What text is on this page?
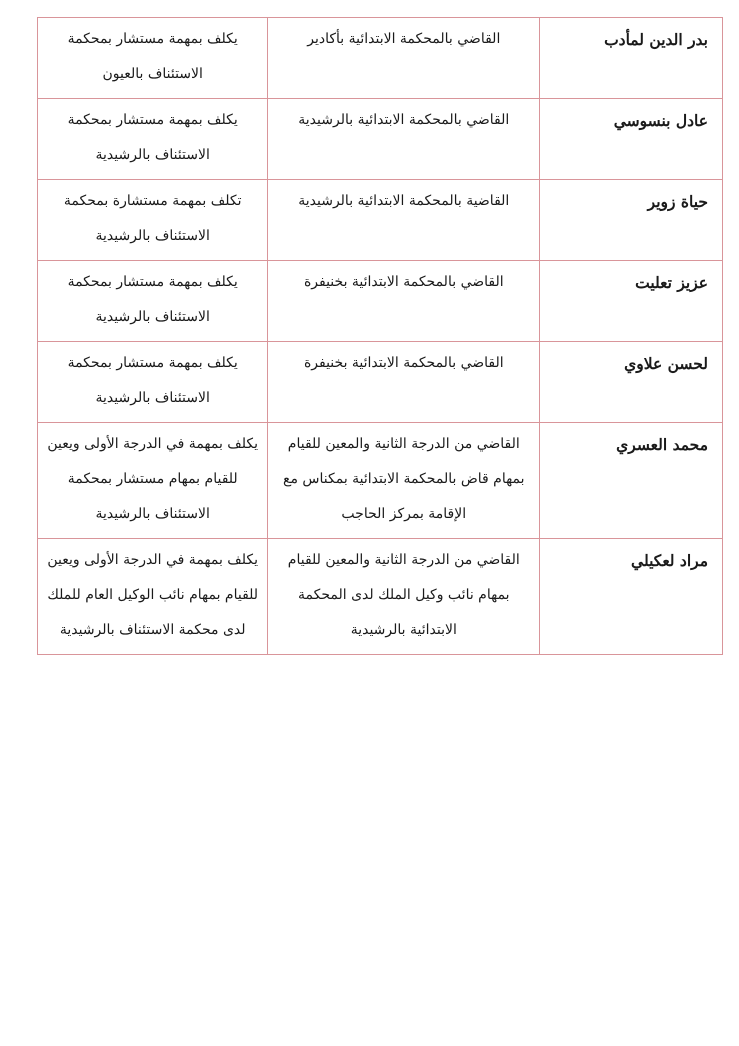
بدر الدين لمأدب	القاضي بالمحكمة الابتدائية بأكادير	يكلف بمهمة مستشار بمحكمة الاستئناف بالعيون
عادل بنسوسي	القاضي بالمحكمة الابتدائية بالرشيدية	يكلف بمهمة مستشار بمحكمة الاستئناف بالرشيدية
حياة زوير	القاضية بالمحكمة الابتدائية بالرشيدية	تكلف بمهمة مستشارة بمحكمة الاستئناف بالرشيدية
عزيز تعليت	القاضي بالمحكمة الابتدائية بخنيفرة	يكلف بمهمة مستشار بمحكمة الاستئناف بالرشيدية
لحسن علاوي	القاضي بالمحكمة الابتدائية بخنيفرة	يكلف بمهمة مستشار بمحكمة الاستئناف بالرشيدية
محمد العسري	القاضي من الدرجة الثانية والمعين للقيام بمهام قاض بالمحكمة الابتدائية بمكناس مع الإقامة بمركز الحاجب	يكلف بمهمة في الدرجة الأولى ويعين للقيام بمهام مستشار بمحكمة الاستئناف بالرشيدية
مراد لعكيلي	القاضي من الدرجة الثانية والمعين للقيام بمهام نائب وكيل الملك لدى المحكمة الابتدائية بالرشيدية	يكلف بمهمة في الدرجة الأولى ويعين للقيام بمهام نائب الوكيل العام للملك لدى محكمة الاستئناف بالرشيدية
